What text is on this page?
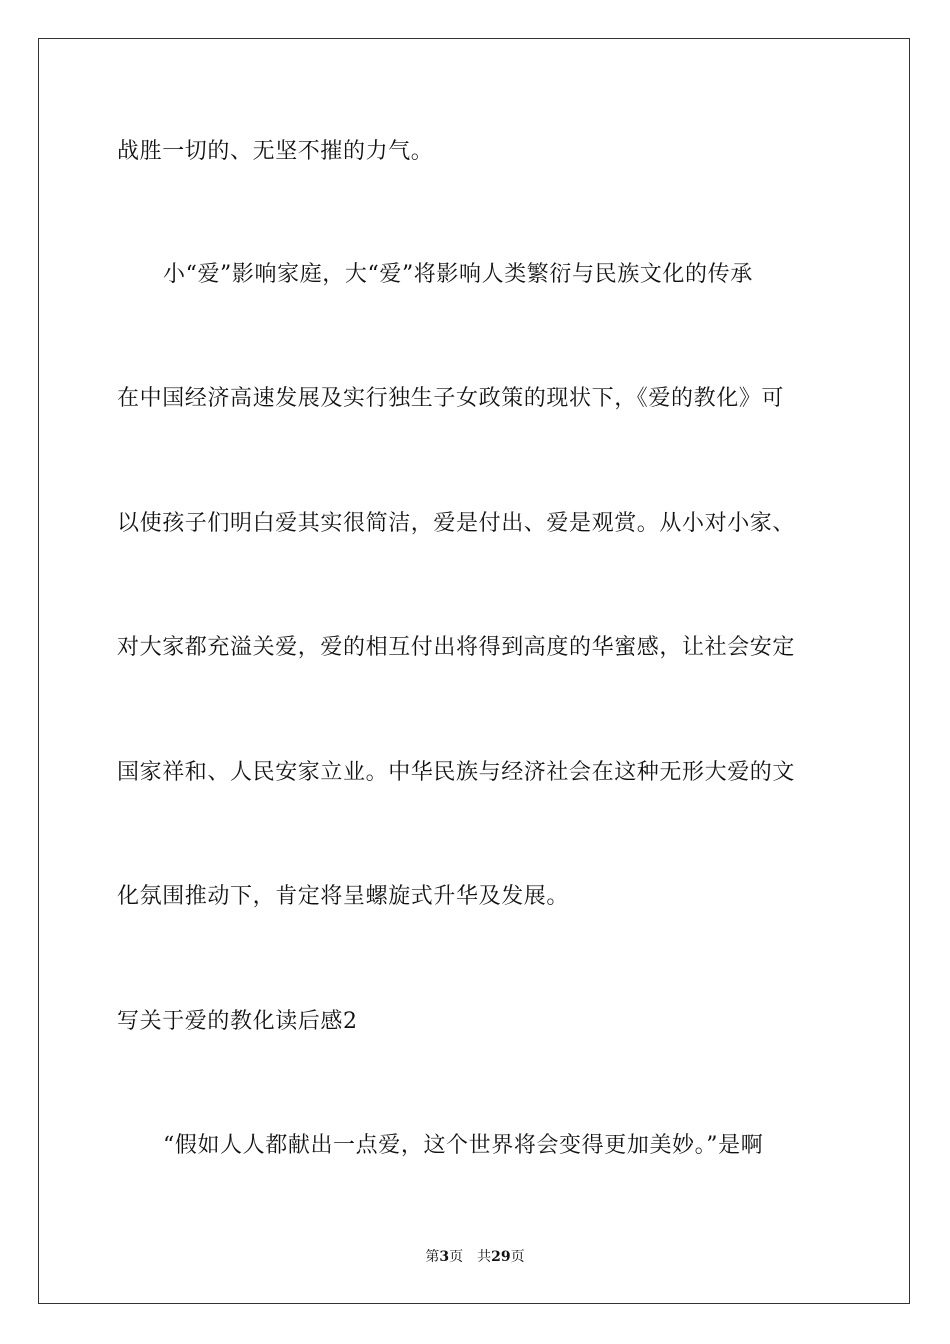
战胜一切的、无坚不摧的力气。
小“爱”影响家庭，大“爱”将影响人类繁衍与民族文化的传承
在中国经济高速发展及实行独生子女政策的现状下，《爱的教化》可
以使孩子们明白爱其实很简洁，爱是付出、爱是观赏。从小对小家、
对大家都充溢关爱，爱的相互付出将得到高度的华蜜感，让社会安定
国家祥和、人民安家立业。中华民族与经济社会在这种无形大爱的文
化氛围推动下，肯定将呈螺旋式升华及发展。
写关于爱的教化读后感2
“假如人人都献出一点爱，这个世界将会变得更加美妙。”是啊
第3页 共29页
